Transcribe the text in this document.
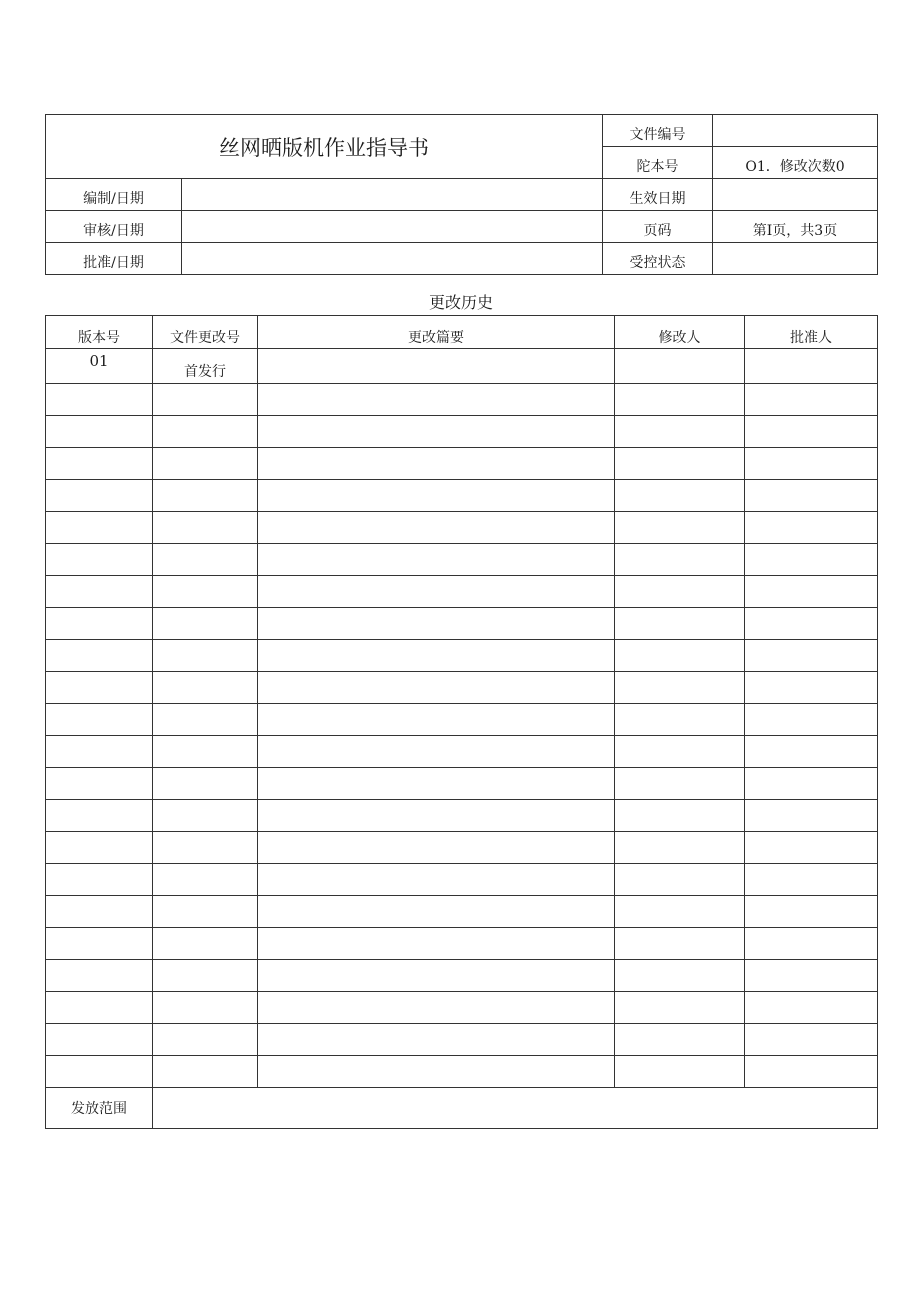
丝网晒版机作业指导书		文件编号	
		陀本号	O1．修改次数0
编制/日期		生效日期	
审核/日期		页码	第I页，共3页
批准/日期		受控状态	
更改历史
版本号	文件更改号	更改篇要	修改人	批准人
01	首发行			

发放范围				
